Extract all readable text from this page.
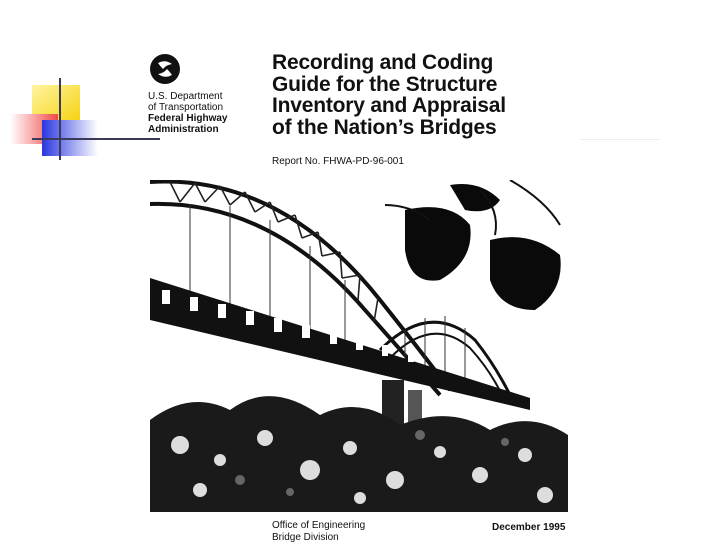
U.S. Department
of Transportation
Federal Highway
Administration
Recording and Coding
Guide for the Structure
Inventory and Appraisal
of the Nation’s Bridges
Report No. FHWA-PD-96-001
Office of Engineering
Bridge Division
December 1995
